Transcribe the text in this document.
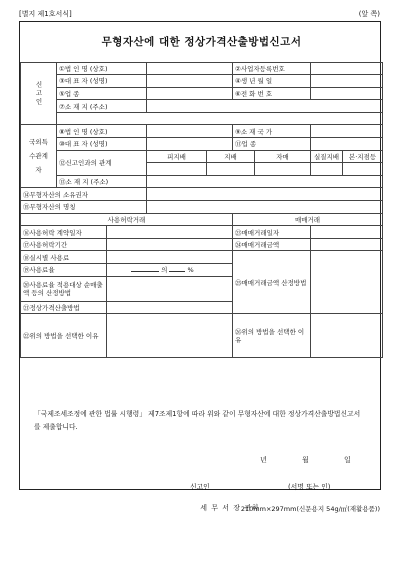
[별지 제1호서식]	(앞 쪽)
무형자산에 대한 정상가격산출방법신고서								
신고인	①법 인 명 (상호)				②사업자등록번호			
	③대 표 자 (성명)				④생 년 월 일			
	⑤업 종				⑥전 화 번 호			
	⑦소 재 지 (주소)							

국외특수관계자	⑧법 인 명 (상호)				⑨소 재 국 가			
	⑩대 표 자 (성명)				⑪업 종			
	⑫신고인과의 관계		피지배	지배		자매	실질지배	본·지점등

	⑬소 재 지 (주소)							
⑭무형자산의 소유권자								
⑮무형자산의 명칭								
사용허락거래					매매거래			
⑯사용허락 계약일자					㉓매매거래일자			
⑰사용허락기간					㉔매매거래금액			
⑱실시별 사용료					㉕매매거래금액 산정방법			
⑲사용료율		의 %						
⑳사용료율 적용대상 순매출액 등의 산정방법								
㉑정상가격산출방법								
㉒위의 방법을 선택한 이유					㉖위의 방법을 선택한 이유			
「국제조세조정에 관한 법률 시행령」 제7조제1항에 따라 위와 같이 무형자산에 대한 정상가격산출방법신고서를 제출합니다.
년	월	일
신고인	(서명 또는 인)
세 무 서 장 귀하
210mm×297mm(신문용지 54g/㎡(재활용품))
